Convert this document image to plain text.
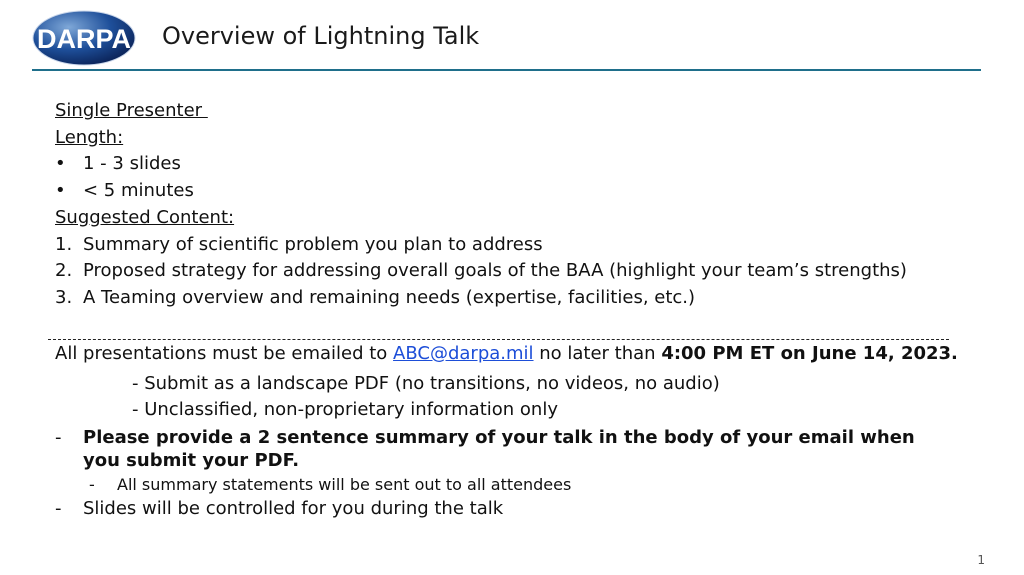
DARPA Overview of Lightning Talk
Single Presenter
Length:
• 1 - 3 slides
• < 5 minutes
Suggested Content:
1. Summary of scientific problem you plan to address
2. Proposed strategy for addressing overall goals of the BAA (highlight your team’s strengths)
3. A Teaming overview and remaining needs (expertise, facilities, etc.)
All presentations must be emailed to ABC@darpa.mil no later than 4:00 PM ET on June 14, 2023.
- Submit as a landscape PDF (no transitions, no videos, no audio)
- Unclassified, non-proprietary information only
-	Please provide a 2 sentence summary of your talk in the body of your email when you submit your PDF.
-	All summary statements will be sent out to all attendees
-	Slides will be controlled for you during the talk
1
